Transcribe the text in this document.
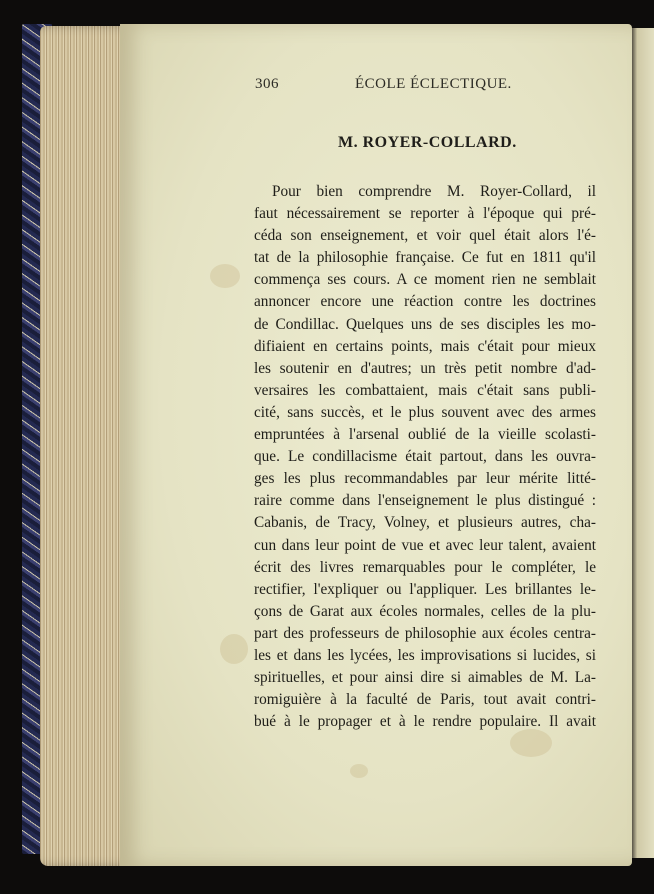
306	ÉCOLE ÉCLECTIQUE.
M. ROYER-COLLARD.
Pour bien comprendre M. Royer-Collard, il
faut nécessairement se reporter à l'époque qui pré-
céda son enseignement, et voir quel était alors l'é-
tat de la philosophie française. Ce fut en 1811 qu'il
commença ses cours. A ce moment rien ne semblait
annoncer encore une réaction contre les doctrines
de Condillac. Quelques uns de ses disciples les mo-
difiaient en certains points, mais c'était pour mieux
les soutenir en d'autres; un très petit nombre d'ad-
versaires les combattaient, mais c'était sans publi-
cité, sans succès, et le plus souvent avec des armes
empruntées à l'arsenal oublié de la vieille scolasti-
que. Le condillacisme était partout, dans les ouvra-
ges les plus recommandables par leur mérite litté-
raire comme dans l'enseignement le plus distingué :
Cabanis, de Tracy, Volney, et plusieurs autres, cha-
cun dans leur point de vue et avec leur talent, avaient
écrit des livres remarquables pour le compléter, le
rectifier, l'expliquer ou l'appliquer. Les brillantes le-
çons de Garat aux écoles normales, celles de la plu-
part des professeurs de philosophie aux écoles centra-
les et dans les lycées, les improvisations si lucides, si
spirituelles, et pour ainsi dire si aimables de M. La-
romiguière à la faculté de Paris, tout avait contri-
bué à le propager et à le rendre populaire. Il avait
